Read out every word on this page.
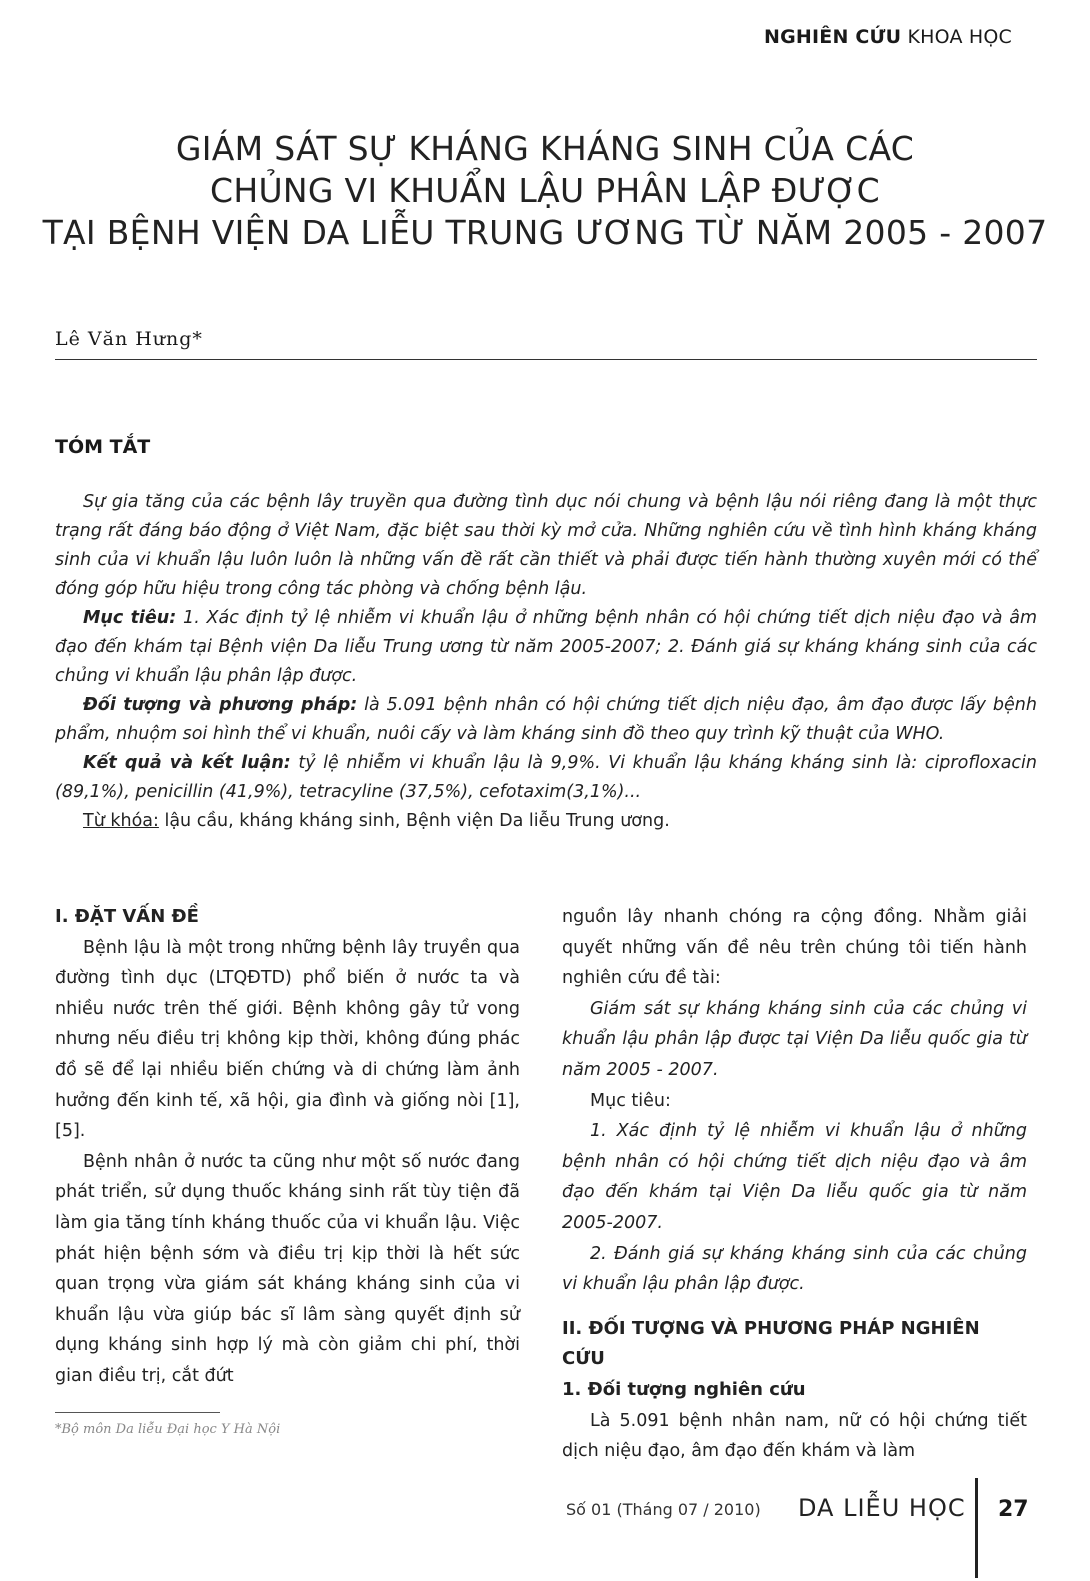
NGHIÊN CỨU KHOA HỌC
GIÁM SÁT SỰ KHÁNG KHÁNG SINH CỦA CÁC
CHỦNG VI KHUẨN LẬU PHÂN LẬP ĐƯỢC
TẠI BỆNH VIỆN DA LIỄU TRUNG ƯƠNG TỪ NĂM 2005 - 2007
Lê Văn Hưng*
TÓM TẮT

Sự gia tăng của các bệnh lây truyền qua đường tình dục nói chung và bệnh lậu nói riêng đang là một thực trạng rất đáng báo động ở Việt Nam, đặc biệt sau thời kỳ mở cửa. Những nghiên cứu về tình hình kháng kháng sinh của vi khuẩn lậu luôn luôn là những vấn đề rất cần thiết và phải được tiến hành thường xuyên mới có thể đóng góp hữu hiệu trong công tác phòng và chống bệnh lậu.

Mục tiêu: 1. Xác định tỷ lệ nhiễm vi khuẩn lậu ở những bệnh nhân có hội chứng tiết dịch niệu đạo và âm đạo đến khám tại Bệnh viện Da liễu Trung ương từ năm 2005-2007; 2. Đánh giá sự kháng kháng sinh của các chủng vi khuẩn lậu phân lập được.

Đối tượng và phương pháp: là 5.091 bệnh nhân có hội chứng tiết dịch niệu đạo, âm đạo được lấy bệnh phẩm, nhuộm soi hình thể vi khuẩn, nuôi cấy và làm kháng sinh đồ theo quy trình kỹ thuật của WHO.

Kết quả và kết luận: tỷ lệ nhiễm vi khuẩn lậu là 9,9%. Vi khuẩn lậu kháng kháng sinh là: ciprofloxacin (89,1%), penicillin (41,9%), tetracyline (37,5%), cefotaxim(3,1%)...

Từ khóa: lậu cầu, kháng kháng sinh, Bệnh viện Da liễu Trung ương.

I. ĐẶT VẤN ĐỀ

Bệnh lậu là một trong những bệnh lây truyền qua đường tình dục (LTQĐTD) phổ biến ở nước ta và nhiều nước trên thế giới. Bệnh không gây tử vong nhưng nếu điều trị không kịp thời, không đúng phác đồ sẽ để lại nhiều biến chứng và di chứng làm ảnh hưởng đến kinh tế, xã hội, gia đình và giống nòi [1], [5].

Bệnh nhân ở nước ta cũng như một số nước đang phát triển, sử dụng thuốc kháng sinh rất tùy tiện đã làm gia tăng tính kháng thuốc của vi khuẩn lậu. Việc phát hiện bệnh sớm và điều trị kịp thời là hết sức quan trọng vừa giám sát kháng kháng sinh của vi khuẩn lậu vừa giúp bác sĩ lâm sàng quyết định sử dụng kháng sinh hợp lý mà còn giảm chi phí, thời gian điều trị, cắt đứt

nguồn lây nhanh chóng ra cộng đồng. Nhằm giải quyết những vấn đề nêu trên chúng tôi tiến hành nghiên cứu đề tài:

Giám sát sự kháng kháng sinh của các chủng vi khuẩn lậu phân lập được tại Viện Da liễu quốc gia từ năm 2005 - 2007.

Mục tiêu:

1. Xác định tỷ lệ nhiễm vi khuẩn lậu ở những bệnh nhân có hội chứng tiết dịch niệu đạo và âm đạo đến khám tại Viện Da liễu quốc gia từ năm 2005-2007.

2. Đánh giá sự kháng kháng sinh của các chủng vi khuẩn lậu phân lập được.

II. ĐỐI TƯỢNG VÀ PHƯƠNG PHÁP NGHIÊN CỨU
1. Đối tượng nghiên cứu

Là 5.091 bệnh nhân nam, nữ có hội chứng tiết dịch niệu đạo, âm đạo đến khám và làm

*Bộ môn Da liễu Đại học Y Hà Nội
Số 01 (Tháng 07 / 2010) DA LIỄU HỌC 27
